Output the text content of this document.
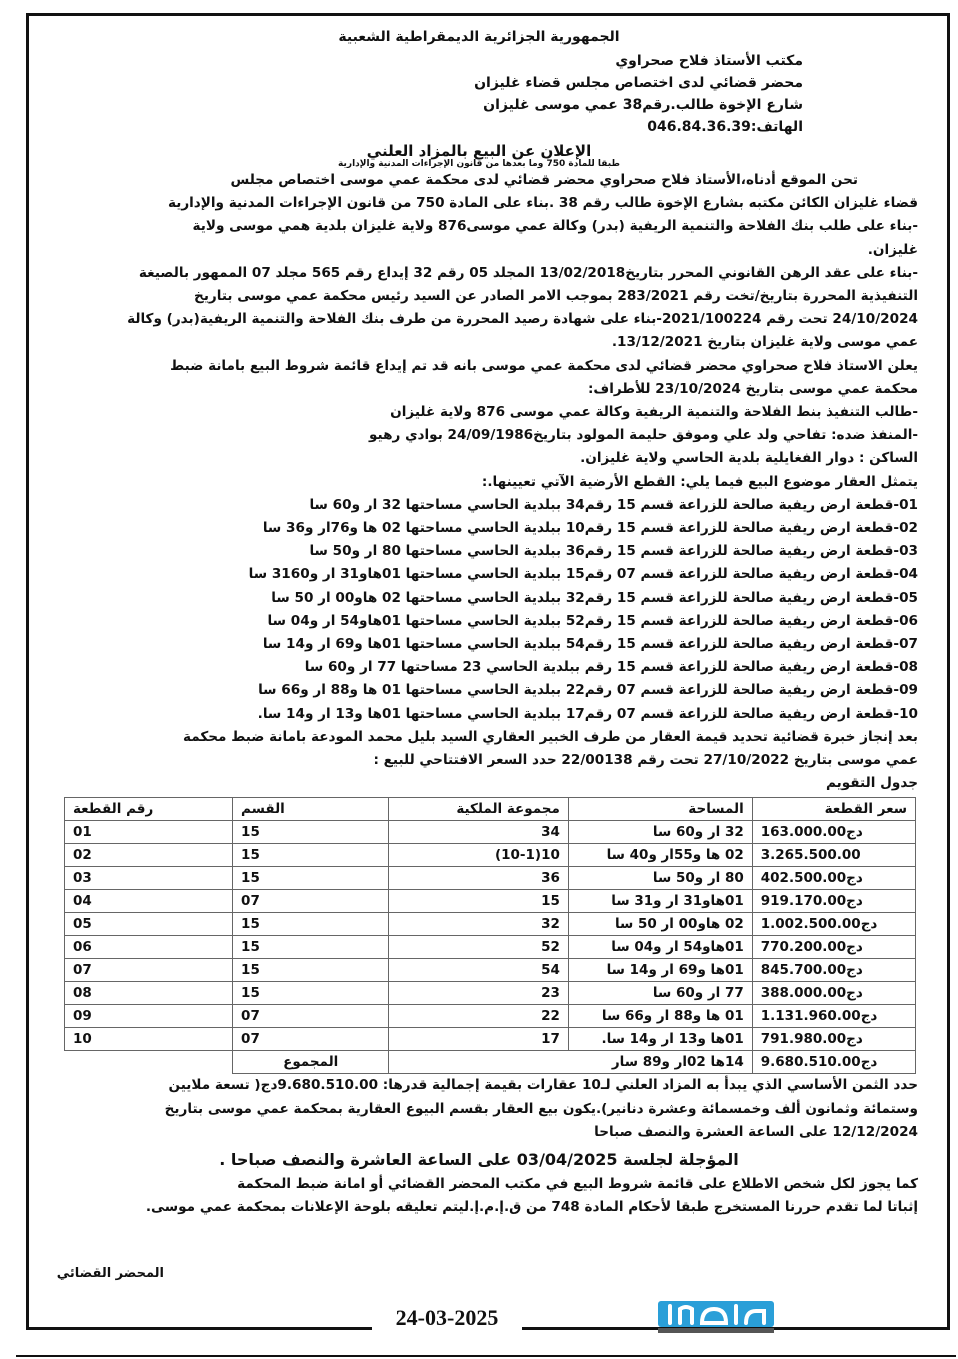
الجمهورية الجزائرية الديمقراطية الشعبية
مكتب الأستاذ فلاح صحراوي
محضر قضائي لدى اختصاص مجلس قضاء غليزان
شارع الإخوة طالب.رقم38 عمي موسى غليزان
الهاتف:046.84.36.39
الإعلان عن البيع بالمزاد العلني
طبقا للمادة 750 وما بعدها من قانون الإجراءات المدنية والإدارية

تحن الموقع أدناه،الأستاذ فلاح صحراوي محضر قضائي لدى محكمة عمي موسى اختصاص مجلس

قضاء غليزان الكائن مكتبه بشارع الإخوة طالب رقم 38 .بناء على المادة 750 من قانون الإجراءات المدنية والإدارية

-بناء على طلب بنك الفلاحة والتنمية الريفية (بدر) وكالة عمي موسى876 ولاية غليزان بلدية همي موسى ولاية

غليزان.

-بناء على عقد الرهن القانوني المحرر بتاريخ13/02/2018 المجلد 05 رقم 32 إيداع رقم 565 مجلد 07 الممهور بالصيغة

التنفيذية المحررة بتاريخ/تخت رقم 283/2021 بموجب الامر الصادر عن السيد رئيس محكمة عمي موسى بتاريخ

24/10/2024 تحت رقم 2021/100224-بناء على شهادة رصيد المحررة من طرف بنك الفلاحة والتنمية الريفية(بدر) وكالة

عمي موسى ولاية غليزان بتاريخ 13/12/2021.

يعلن الاستاذ فلاح صحراوي محضر قضائي لدى محكمة عمي موسى بانه قد تم إيداع قائمة شروط البيع بامانة ضبط

محكمة عمي موسى بتاريخ 23/10/2024 للأطراف:

-طالب التنفيذ بنط الفلاحة والتنمية الريفية وكالة عمي موسى 876 ولاية غليزان

-المنفذ ضده: تفاحي ولد علي وموفق حليمة المولود بتاريخ24/09/1986 بوادي رهيو

الساكن : دوار الفغايلية بلدية الحاسي ولاية غليزان.

يتمثل العقار موضوع البيع فيما يلي: القطع الأرضية الآتي تعيينها.:

01-قطعة ارض ريفية صالحة للزراعة قسم 15 رقم34 ببلدية الحاسي مساحتها 32 ار و60 سا

02-قطعة ارض ريفية صالحة للزراعة قسم 15 رقم10 ببلدية الحاسي مساحتها 02 ها و76ار و36 سا

03-قطعة ارض ريفية صالحة للزراعة قسم 15 رقم36 ببلدية الحاسي مساحتها 80 ار و50 سا

04-قطعة ارض ريفية صالحة للزراعة قسم 07 رقم15 ببلدية الحاسي مساحتها 01هاو31 ار و3160 سا

05-قطعة ارض ريفية صالحة للزراعة قسم 15 رقم32 ببلدية الحاسي مساحتها 02 هاو00 ار 50 سا

06-قطعة ارض ريفية صالحة للزراعة قسم 15 رقم52 ببلدية الحاسي مساحتها 01هاو54 ار و04 سا

07-قطعة ارض ريفية صالحة للزراعة قسم 15 رقم54 ببلدية الحاسي مساحتها 01ها و69 ار و14 سا

08-قطعة ارض ريفية صالحة للزراعة قسم 15 رقم ببلدية الحاسي 23 مساحتها 77 ار و60 سا

09-قطعة ارض ريفية صالحة للزراعة قسم 07 رقم22 ببلدية الحاسي مساحتها 01 ها و88 ار و66 سا

10-قطعة ارض ريفية صالحة للزراعة قسم 07 رقم17 ببلدية الحاسي مساحتها 01ها و13 ار و14 سا.

بعد إنجاز خبرة قضائية تحديد قيمة العقار من طرف الخبير العقاري السيد بليل محمد المودعة بامانة ضبط محكمة

عمي موسى بتاريخ 27/10/2022 تحت رقم 22/00138 حدد السعر الافتتاحي للبيع :

جدول التقويم

سعر القطعة	المساحة	مجموعة الملكية	القسم	رقم القطعة
163.000.00دج	32 ار و60 سا	34	15	01
3.265.500.00	02 ها و55ار و40 سا	10(10-1)	15	02
402.500.00دج	80 ار و50 سا	36	15	03
919.170.00دج	01هاو31 ار و31 سا	15	07	04
1.002.500.00دج	02 هاو00 ار 50 سا	32	15	05
770.200.00دج	01هاو54 ار و04 سا	52	15	06
845.700.00دج	01ها و69 ار و14 سا	54	15	07
388.000.00دج	77 ار و60 سا	23	15	08
1.131.960.00دج	01 ها و88 ار و66 سا	22	07	09
791.980.00دج	01ها و13 ار و14 سا.	17	07	10
9.680.510.00دج	14ها 02ار و89 سار		المجموع	

حدد الثمن الأساسي الذي يبدأ به المزاد العلني لـ10 عقارات بقيمة إجمالية قدرها: 9.680.510.00دج( تسعة ملايين

وستمائة وثمانون ألف وخمسمائة وعشرة دنانير).يكون بيع العقار بقسم البيوع العقارية بمحكمة عمي موسى بتاريخ

12/12/2024 على الساعة العشرة والنصف صباحا

المؤجلة لجلسة 03/04/2025 على الساعة العاشرة والنصف صباحا .

كما يجوز لكل شخص الاطلاع على قائمة شروط البيع في مكتب المحضر القضائي أو امانة ضبط المحكمة

إثباتا لما تقدم حررنا المستخرج طبقا لأحكام المادة 748 من ق.إ.م.إ.ليتم تعليقه بلوحة الإعلانات بمحكمة عمي موسى.

المحضر القضائي
24-03-2025
